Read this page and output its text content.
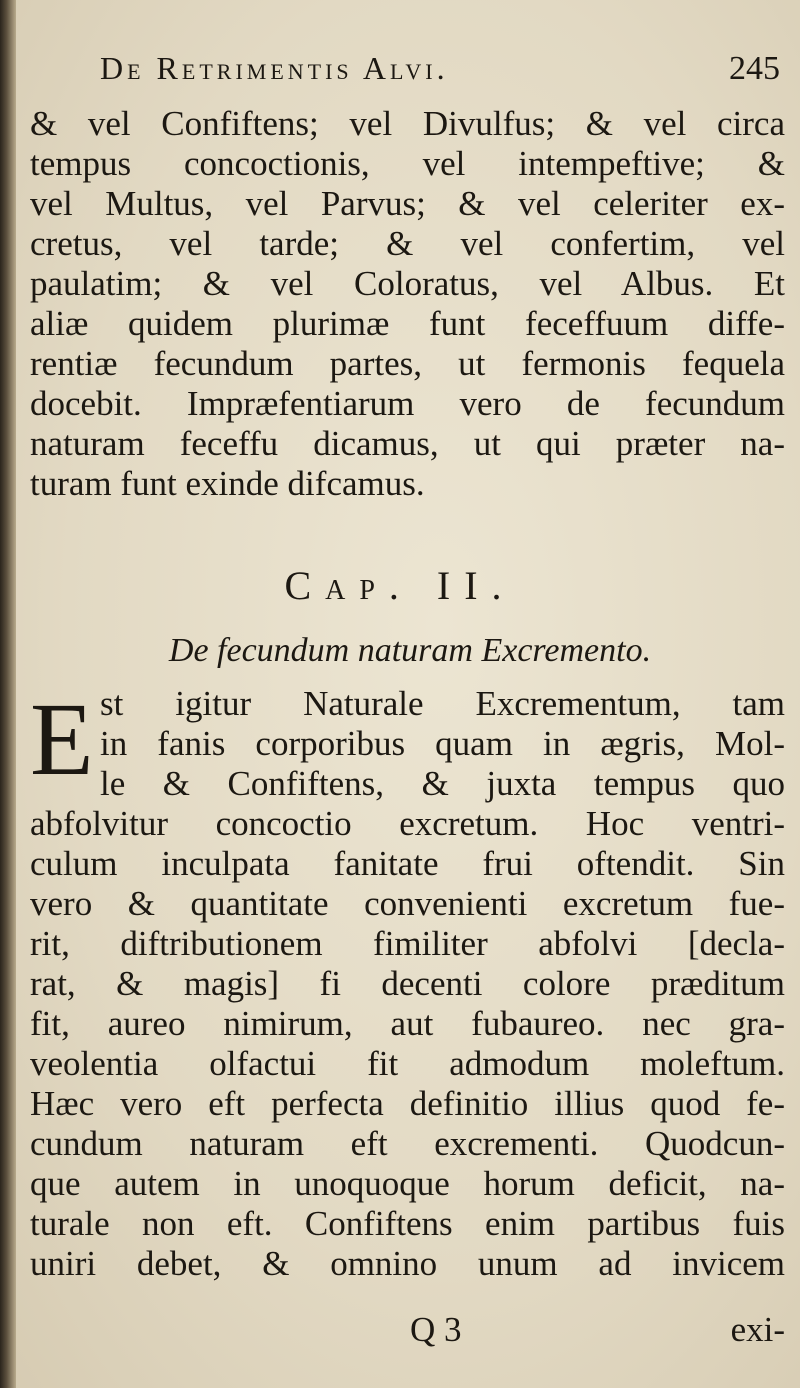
De Retrimentis Alvi.	245
& vel Confiftens; vel Divulfus; & vel circa
tempus concoctionis, vel intempeftive; &
vel Multus, vel Parvus; & vel celeriter ex-
cretus, vel tarde; & vel confertim, vel
paulatim; & vel Coloratus, vel Albus. Et
aliæ quidem plurimæ funt feceffuum diffe-
rentiæ fecundum partes, ut fermonis fequela
docebit. Impræfentiarum vero de fecundum
naturam feceffu dicamus, ut qui præter na-
turam funt exinde difcamus.
Cap. II.
De fecundum naturam Excremento.
E st igitur Naturale Excrementum, tam
in fanis corporibus quam in ægris, Mol-
le & Confiftens, & juxta tempus quo
abfolvitur concoctio excretum. Hoc ventri-
culum inculpata fanitate frui oftendit. Sin
vero & quantitate convenienti excretum fue-
rit, diftributionem fimiliter abfolvi [decla-
rat, & magis] fi decenti colore præditum
fit, aureo nimirum, aut fubaureo. nec gra-
veolentia olfactui fit admodum moleftum.
Hæc vero eft perfecta definitio illius quod fe-
cundum naturam eft excrementi. Quodcun-
que autem in unoquoque horum deficit, na-
turale non eft. Confiftens enim partibus fuis
uniri debet, & omnino unum ad invicem
Q 3	exi-
